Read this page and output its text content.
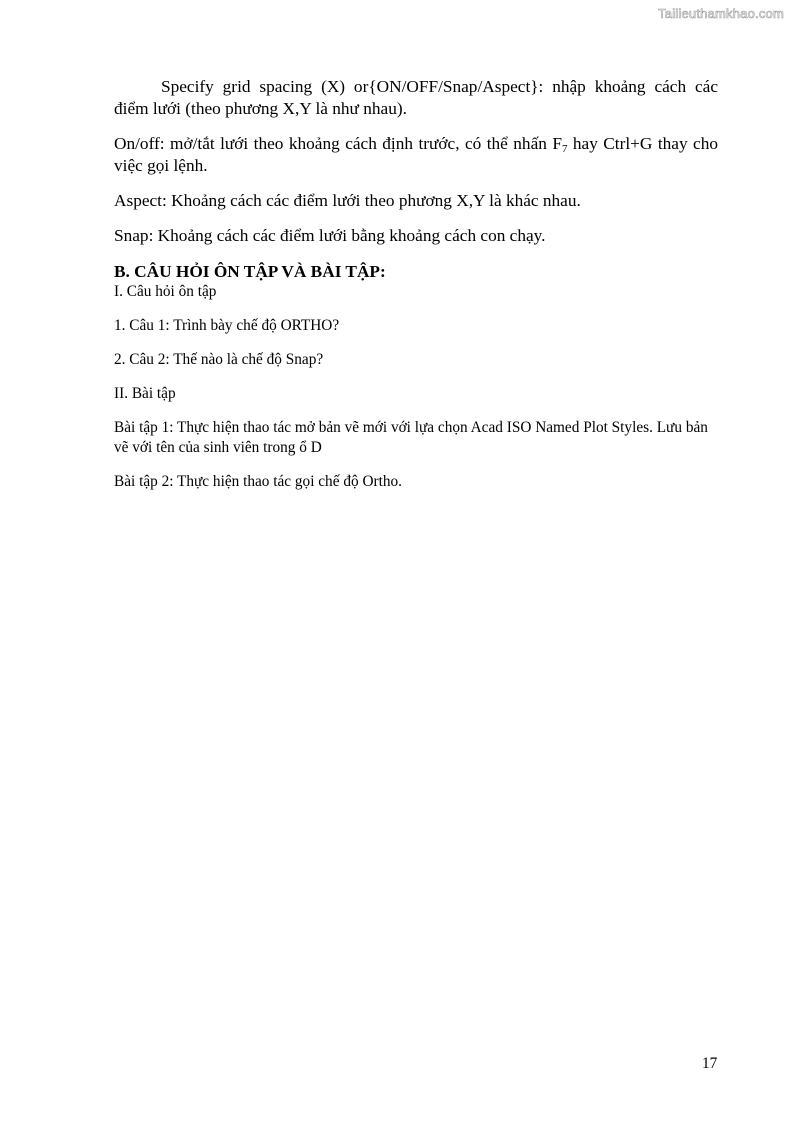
Tailieuthamkhao.com

Specify grid spacing (X) or{ON/OFF/Snap/Aspect}: nhập khoảng cách các điểm lưới (theo phương X,Y là như nhau).

On/off: mở/tắt lưới theo khoảng cách định trước, có thể nhấn $F_7$ hay Ctrl+G thay cho việc gọi lệnh.

Aspect: Khoảng cách các điểm lưới theo phương X,Y là khác nhau.

Snap: Khoảng cách các điểm lưới bằng khoảng cách con chạy.

B. CÂU HỎI ÔN TẬP VÀ BÀI TẬP:

I. Câu hỏi ôn tập

1. Câu 1: Trình bày chế độ ORTHO?

2. Câu 2: Thế nào là chế độ Snap?

II. Bài tập

Bài tập 1: Thực hiện thao tác mở bản vẽ mới với lựa chọn Acad ISO Named Plot Styles. Lưu bản vẽ với tên của sinh viên trong ổ D

Bài tập 2: Thực hiện thao tác gọi chế độ Ortho.

17
